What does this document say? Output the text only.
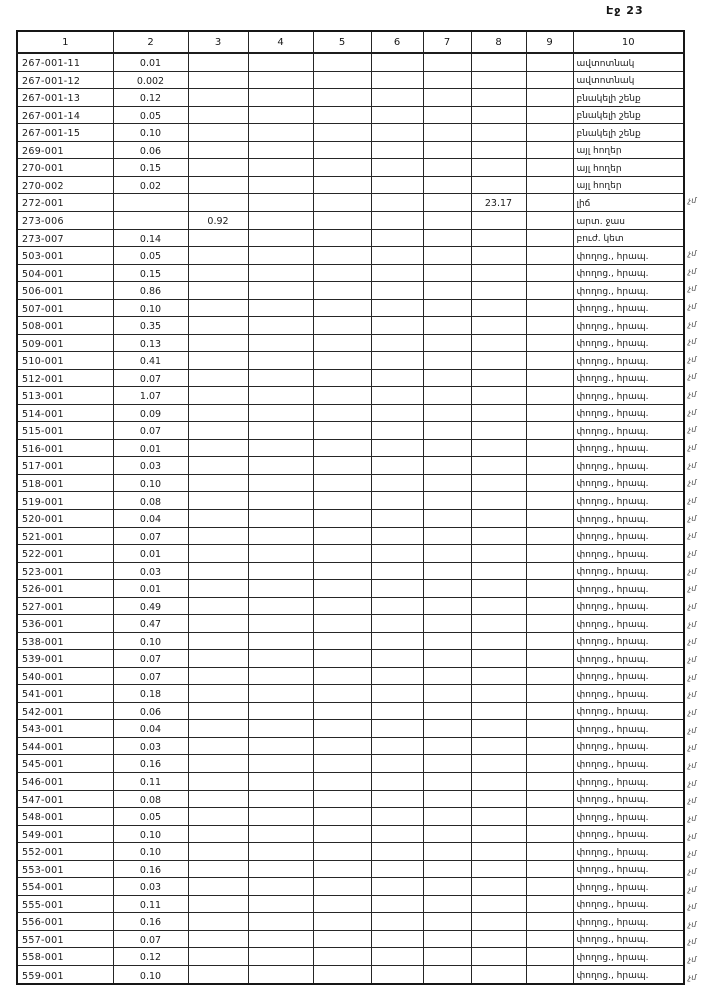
Էջ 23
1	2	3	4	5	6	7	8	9	10
267-001-11	0.01								ավտոտնակ
267-001-12	0.002								ավտոտնակ
267-001-13	0.12								բնակելի շենք
267-001-14	0.05								բնակելի շենք
267-001-15	0.10								բնակելի շենք
269-001	0.06								այլ հողեր
270-001	0.15								այլ հողեր
270-002	0.02								այլ հողեր
272-001							23.17		լիճ
273-006		0.92							արտ. ջաս
273-007	0.14								բուժ. կետ
503-001	0.05								փողոց., հրապ.
504-001	0.15								փողոց., հրապ.
506-001	0.86								փողոց., հրապ.
507-001	0.10								փողոց., հրապ.
508-001	0.35								փողոց., հրապ.
509-001	0.13								փողոց., հրապ.
510-001	0.41								փողոց., հրապ.
512-001	0.07								փողոց., հրապ.
513-001	1.07								փողոց., հրապ.
514-001	0.09								փողոց., հրապ.
515-001	0.07								փողոց., հրապ.
516-001	0.01								փողոց., հրապ.
517-001	0.03								փողոց., հրապ.
518-001	0.10								փողոց., հրապ.
519-001	0.08								փողոց., հրապ.
520-001	0.04								փողոց., հրապ.
521-001	0.07								փողոց., հրապ.
522-001	0.01								փողոց., հրապ.
523-001	0.03								փողոց., հրապ.
526-001	0.01								փողոց., հրապ.
527-001	0.49								փողոց., հրապ.
536-001	0.47								փողոց., հրապ.
538-001	0.10								փողոց., հրապ.
539-001	0.07								փողոց., հրապ.
540-001	0.07								փողոց., հրապ.
541-001	0.18								փողոց., հրապ.
542-001	0.06								փողոց., հրապ.
543-001	0.04								փողոց., հրապ.
544-001	0.03								փողոց., հրապ.
545-001	0.16								փողոց., հրապ.
546-001	0.11								փողոց., հրապ.
547-001	0.08								փողոց., հրապ.
548-001	0.05								փողոց., հրապ.
549-001	0.10								փողոց., հրապ.
552-001	0.10								փողոց., հրապ.
553-001	0.16								փողոց., հրապ.
554-001	0.03								փողոց., հրապ.
555-001	0.11								փողոց., հրապ.
556-001	0.16								փողոց., հրապ.
557-001	0.07								փողոց., հրապ.
558-001	0.12								փողոց., հրապ.
559-001	0.10								փողոց., հրապ.
չմ
չմ
չմ
չմ
չմ
չմ
չմ
չմ
չմ
չմ
չմ
չմ
չմ
չմ
չմ
չմ
չմ
չմ
չմ
չմ
չմ
չմ
չմ
չմ
չմ
չմ
չմ
չմ
չմ
չմ
չմ
չմ
չմ
չմ
չմ
չմ
չմ
չմ
չմ
չմ
չմ
չմ
չմ
